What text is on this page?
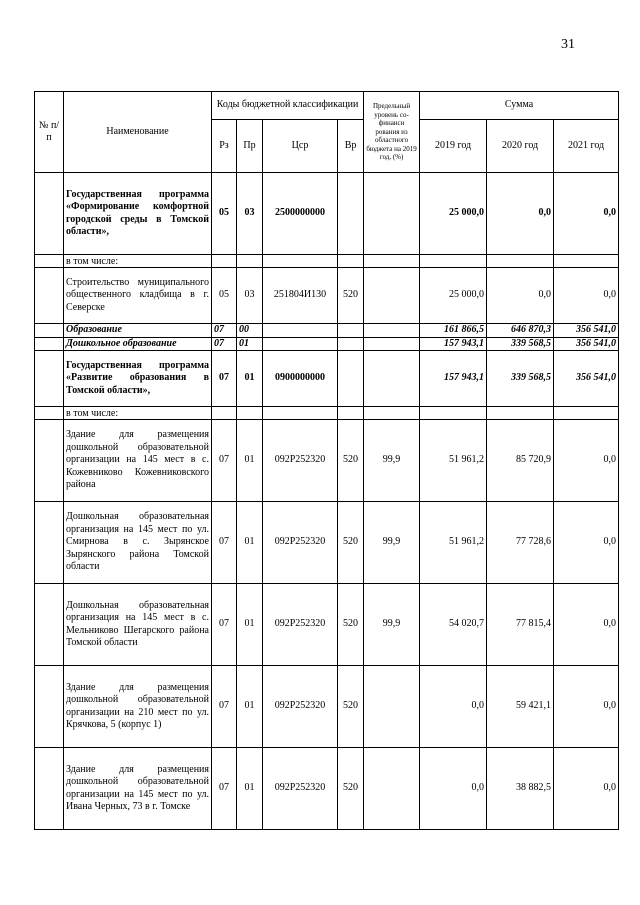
31
№ п/п	Наименование	Коды бюджетной классификации				Предельный уровень со-финанси рования из областного бюджета на 2019 год, (%)	Сумма		
		Рз	Пр	Цср	Вр		2019 год	2020 год	2021 год
	Государственная программа «Формирование комфортной городской среды в Томской области»,	05	03	2500000000			25 000,0	0,0	0,0
	в том числе:								
	Строительство муниципального общественного кладбища в г. Северске	05	03	251804И130	520		25 000,0	0,0	0,0
	Образование	07	00				161 866,5	646 870,3	356 541,0
	Дошкольное образование	07	01				157 943,1	339 568,5	356 541,0
	Государственная программа «Развитие образования в Томской области»,	07	01	0900000000			157 943,1	339 568,5	356 541,0
	в том числе:								
	Здание для размещения дошкольной образовательной организации на 145 мест в с. Кожевниково Кожевниковского района	07	01	092P252320	520	99,9	51 961,2	85 720,9	0,0
	Дошкольная образовательная организация на 145 мест по ул. Смирнова в с. Зырянское Зырянского района Томской области	07	01	092P252320	520	99,9	51 961,2	77 728,6	0,0
	Дошкольная образовательная организация на 145 мест в с. Мельниково Шегарского района Томской области	07	01	092P252320	520	99,9	54 020,7	77 815,4	0,0
	Здание для размещения дошкольной образовательной организации на 210 мест по ул. Крячкова, 5 (корпус 1)	07	01	092P252320	520		0,0	59 421,1	0,0
	Здание для размещения дошкольной образовательной организации на 145 мест по ул. Ивана Черных, 73 в г. Томске	07	01	092P252320	520		0,0	38 882,5	0,0
